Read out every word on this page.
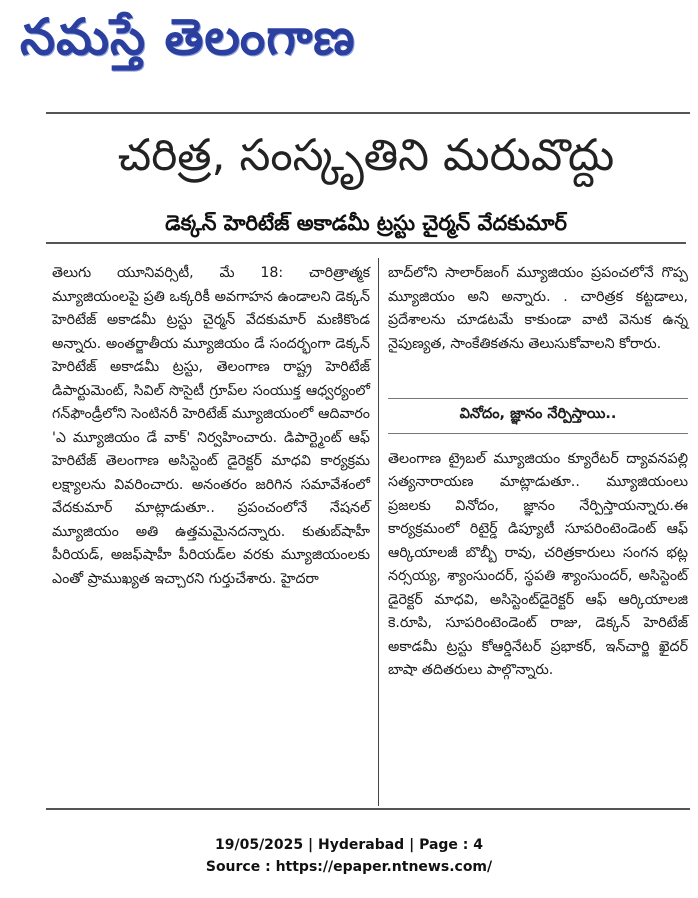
నమస్తే తెలంగాణ
చరిత్ర, సంస్కృతిని మరువొద్దు
డెక్కన్ హెరిటేజ్ అకాడమీ ట్రస్టు చైర్మన్ వేదకుమార్

తెలుగు యూనివర్సిటీ, మే 18: చారిత్రాత్మక మ్యూజియంలపై ప్రతి ఒక్కరికీ అవగాహన ఉండాలని డెక్కన్ హెరిటేజ్ అకాడమీ ట్రస్టు చైర్మన్ వేదకుమార్ మణికొండ అన్నారు. అంతర్జాతీయ మ్యూజియం డే సందర్భంగా డెక్కన్ హెరిటేజ్ అకాడమీ ట్రస్టు, తెలంగాణ రాష్ట్ర హెరిటేజ్ డిపార్టుమెంట్, సివిల్ సొసైటీ గ్రూప్‌ల సంయుక్త ఆధ్వర్యంలో గన్‌ఫౌండ్రీలోని సెంటినరీ హెరిటేజ్ మ్యూజియంలో ఆదివారం 'ఎ మ్యూజియం డే వాక్' నిర్వహించారు. డిపార్ట్మెంట్ ఆఫ్ హెరిటేజ్ తెలంగాణ అసిస్టెంట్ డైరెక్టర్ మాధవి కార్యక్రమ లక్ష్యాలను వివరించారు. అనంతరం జరిగిన సమావేశంలో వేదకుమార్ మాట్లాడుతూ.. ప్రపంచంలోనే నేషనల్ మ్యూజియం అతి ఉత్తమమైనదన్నారు. కుతుబ్‌షాహీ పీరియడ్, అజఫ్‌షాహీ పీరియడ్‌ల వరకు మ్యూజియంలకు ఎంతో ప్రాముఖ్యత ఇచ్చారని గుర్తుచేశారు. హైదరా

బాద్‌లోని సాలార్‌జంగ్ మ్యూజియం ప్రపంచలోనే గొప్ప మ్యూజియం అని అన్నారు. . చారిత్రక కట్టడాలు, ప్రదేశాలను చూడటమే కాకుండా వాటి వెనుక ఉన్న నైపుణ్యత, సాంకేతికతను తెలుసుకోవాలని కోరారు.

వినోదం, జ్ఞానం నేర్పిస్తాయి..

తెలంగాణ ట్రైబల్ మ్యూజియం క్యూరేటర్ ద్యావనపల్లి సత్యనారాయణ మాట్లాడుతూ.. మ్యూజియంలు ప్రజలకు వినోదం, జ్ఞానం నేర్పిస్తాయన్నారు.ఈ కార్యక్రమంలో రిటైర్డ్ డిప్యూటీ సూపరింటెండెంట్ ఆఫ్ ఆర్కియాలజీ బొబ్బీ రావు, చరిత్రకారులు సంగన భట్ల నర్సయ్య, శ్యాంసుందర్, స్థపతి శ్యాంసుందర్, అసిస్టెంట్ డైరెక్టర్ మాధవి, అసిస్టెంట్‌డైరెక్టర్ ఆఫ్ ఆర్కియాలజి కె.రూపి, సూపరింటెండెంట్ రాజు, డెక్కన్ హెరిటేజ్ అకాడమీ ట్రస్టు కోఆర్డినేటర్ ప్రభాకర్, ఇన్‌చార్జి ఖైదర్ బాషా తదితరులు పాల్గొన్నారు.

19/05/2025 | Hyderabad | Page : 4
Source : https://epaper.ntnews.com/
